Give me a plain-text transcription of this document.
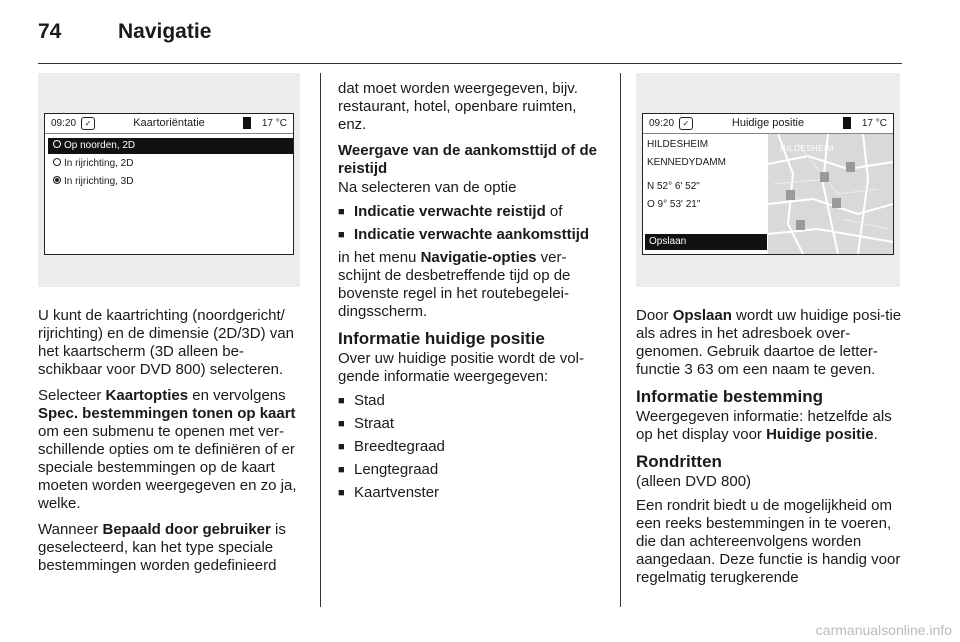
74	Navigatie
09:20	✓	Kaartoriëntatie	17 °C
Op noorden, 2D
In rijrichting, 2D
In rijrichting, 3D

U kunt de kaartrichting (noordgericht/ rijrichting) en de dimensie (2D/3D) van het kaartscherm (3D alleen be-schikbaar voor DVD 800) selecteren.

Selecteer Kaartopties en vervolgens Spec. bestemmingen tonen op kaart om een submenu te openen met ver-schillende opties om te definiëren of er speciale bestemmingen op de kaart moeten worden weergegeven en zo ja, welke.

Wanneer Bepaald door gebruiker is geselecteerd, kan het type speciale bestemmingen worden gedefinieerd

dat moet worden weergegeven, bijv. restaurant, hotel, openbare ruimten, enz.

Weergave van de aankomsttijd of de reistijd

Na selecteren van de optie

■ Indicatie verwachte reistijd of
■ Indicatie verwachte aankomsttijd

in het menu Navigatie-opties ver-schijnt de desbetreffende tijd op de bovenste regel in het routebegelei-dingsscherm.

Informatie huidige positie

Over uw huidige positie wordt de vol-gende informatie weergegeven:

■ Stad
■ Straat
■ Breedtegraad
■ Lengtegraad
■ Kaartvenster
09:20	✓	Huidige positie	17 °C
HILDESHEIM
KENNEDYDAMM
N 52° 6' 52"
O 9° 53' 21"
Opslaan
HILDESHEIM

Door Opslaan wordt uw huidige posi-tie als adres in het adresboek over-genomen. Gebruik daartoe de letter-functie 3 63 om een naam te geven.

Informatie bestemming

Weergegeven informatie: hetzelfde als op het display voor Huidige positie.

Rondritten

(alleen DVD 800)

Een rondrit biedt u de mogelijkheid om een reeks bestemmingen in te voeren, die dan achtereenvolgens worden aangedaan. Deze functie is handig voor regelmatig terugkerende

carmanualsonline.info
